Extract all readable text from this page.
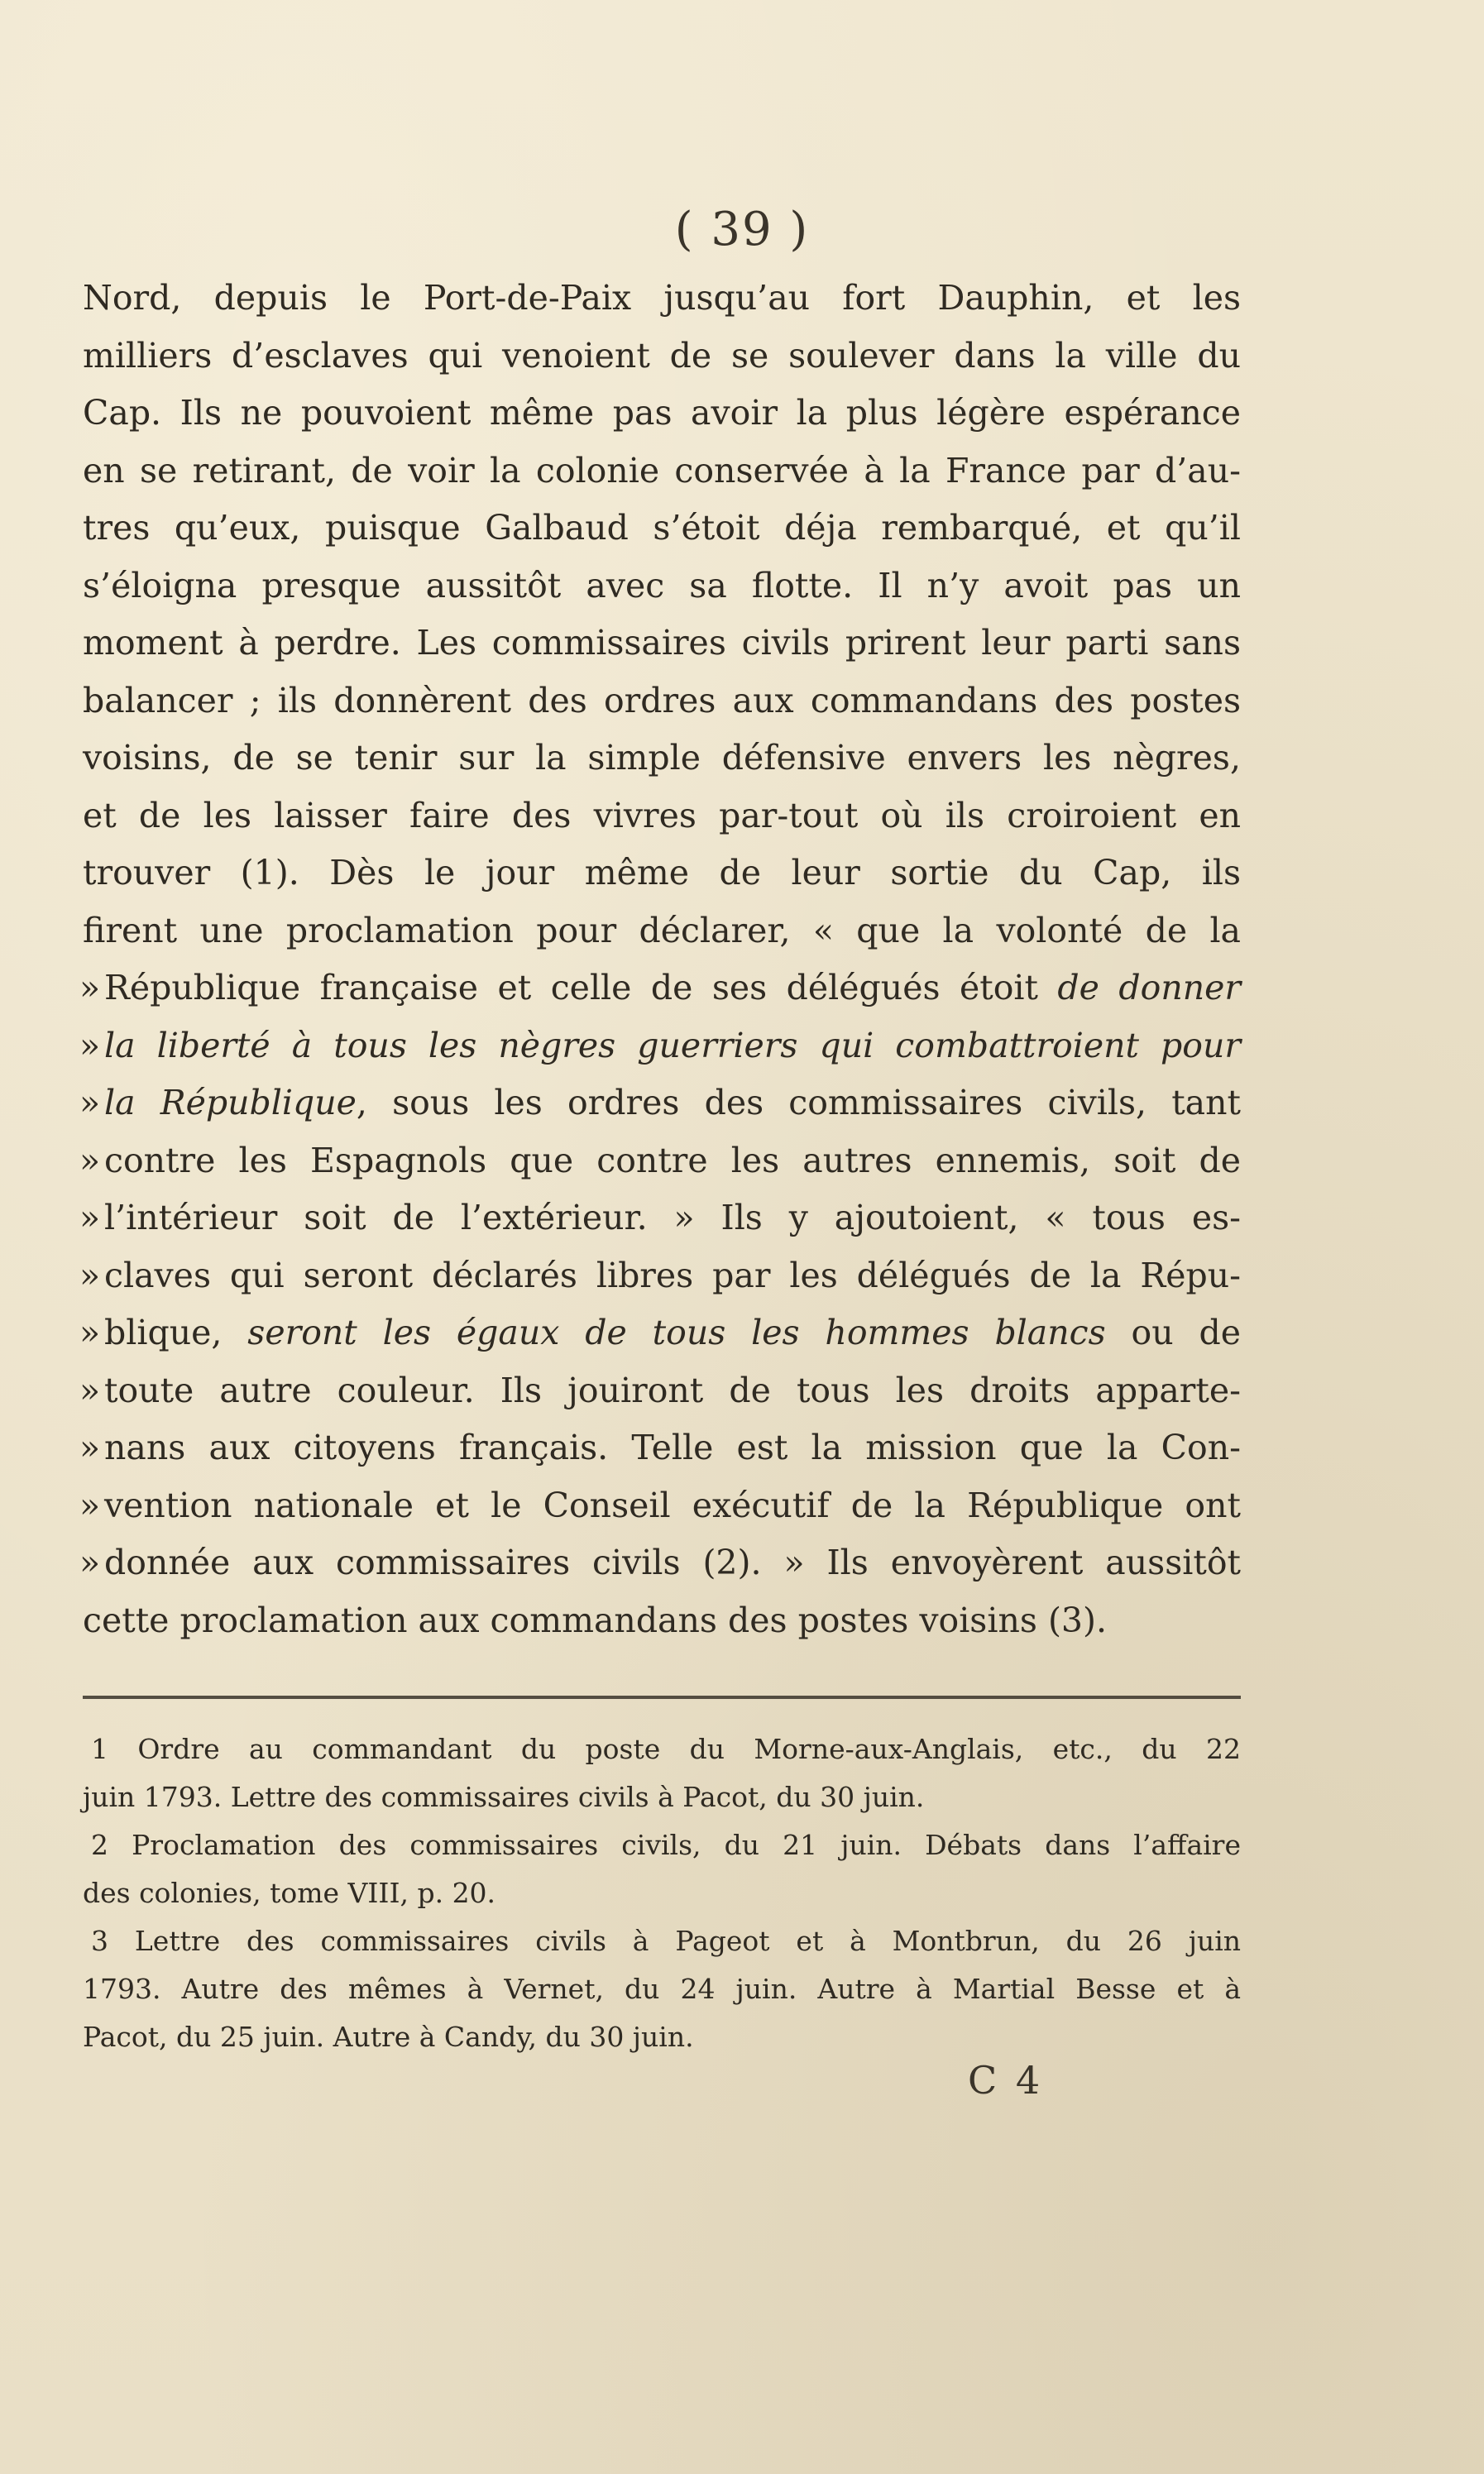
( 39 )
Nord, depuis le Port-de-Paix jusqu’au fort Dauphin, et les
milliers d’esclaves qui venoient de se soulever dans la ville du
Cap. Ils ne pouvoient même pas avoir la plus légère espérance
en se retirant, de voir la colonie conservée à la France par d’au-
tres qu’eux, puisque Galbaud s’étoit déja rembarqué, et qu’il
s’éloigna presque aussitôt avec sa flotte. Il n’y avoit pas un
moment à perdre. Les commissaires civils prirent leur parti sans
balancer ; ils donnèrent des ordres aux commandans des postes
voisins, de se tenir sur la simple défensive envers les nègres,
et de les laisser faire des vivres par-tout où ils croiroient en
trouver (1). Dès le jour même de leur sortie du Cap, ils
firent une proclamation pour déclarer, « que la volonté de la
» République française et celle de ses délégués étoit de donner
» la liberté à tous les nègres guerriers qui combattroient pour
» la République, sous les ordres des commissaires civils, tant
» contre les Espagnols que contre les autres ennemis, soit de
» l’intérieur soit de l’extérieur. » Ils y ajoutoient, « tous es-
» claves qui seront déclarés libres par les délégués de la Répu-
» blique, seront les égaux de tous les hommes blancs ou de
» toute autre couleur. Ils jouiront de tous les droits apparte-
» nans aux citoyens français. Telle est la mission que la Con-
» vention nationale et le Conseil exécutif de la République ont
» donnée aux commissaires civils (2). » Ils envoyèrent aussitôt
cette proclamation aux commandans des postes voisins (3).
1 Ordre au commandant du poste du Morne-aux-Anglais, etc., du 22
juin 1793. Lettre des commissaires civils à Pacot, du 30 juin.
2 Proclamation des commissaires civils, du 21 juin. Débats dans l’affaire
des colonies, tome VIII, p. 20.
3 Lettre des commissaires civils à Pageot et à Montbrun, du 26 juin
1793. Autre des mêmes à Vernet, du 24 juin. Autre à Martial Besse et à
Pacot, du 25 juin. Autre à Candy, du 30 juin.
C 4
